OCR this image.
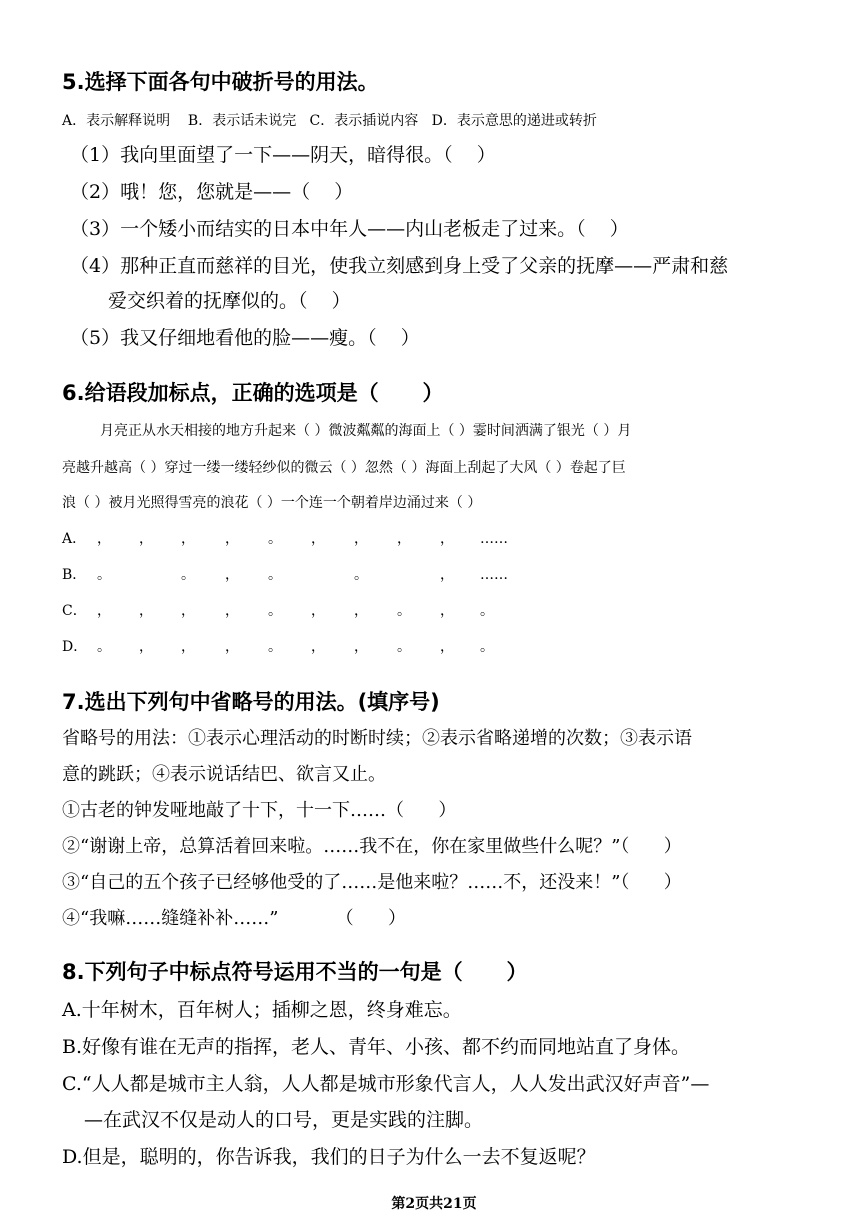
5.选择下面各句中破折号的用法。
A．表示解释说明    B．表示话未说完   C．表示插说内容   D．表示意思的递进或转折
（1）我向里面望了一下——阴天，暗得很。（    ）
（2）哦！您，您就是——（    ）
（3）一个矮小而结实的日本中年人——内山老板走了过来。（    ）
（4）那种正直而慈祥的目光，使我立刻感到身上受了父亲的抚摩——严肃和慈
爱交织着的抚摩似的。（    ）
（5）我又仔细地看他的脸——瘦。（    ）
6.给语段加标点，正确的选项是（      ）
月亮正从水天相接的地方升起来（ ）微波粼粼的海面上（ ）霎时间洒满了银光（ ）月
亮越升越高（ ）穿过一缕一缕轻纱似的微云（ ）忽然（ ）海面上刮起了大风（ ）卷起了巨
浪（ ）被月光照得雪亮的浪花（ ）一个连一个朝着岸边涌过来（ ）
A． ， ， ， ， 。 ， ， ， ， ……
B． 。	。 ， 。	。	， ……
C． ， ， ， ， 。 ， ， 。 ， 。
D． 。 ， ， ， 。 ， ， 。 ， 。
7.选出下列句中省略号的用法。(填序号)
省略号的用法：①表示心理活动的时断时续；②表示省略递增的次数；③表示语
意的跳跃；④表示说话结巴、欲言又止。
①古老的钟发哑地敲了十下，十一下……（      ）
②“谢谢上帝，总算活着回来啦。……我不在，你在家里做些什么呢？”（      ）
③“自己的五个孩子已经够他受的了……是他来啦？……不，还没来！”（      ）
④“我嘛……缝缝补补……”          （      ）
8.下列句子中标点符号运用不当的一句是（      ）
A.十年树木，百年树人；插柳之恩，终身难忘。
B.好像有谁在无声的指挥，老人、青年、小孩、都不约而同地站直了身体。
C.“人人都是城市主人翁，人人都是城市形象代言人，人人发出武汉好声音”—
—在武汉不仅是动人的口号，更是实践的注脚。
D.但是，聪明的，你告诉我，我们的日子为什么一去不复返呢？
第2页共21页
